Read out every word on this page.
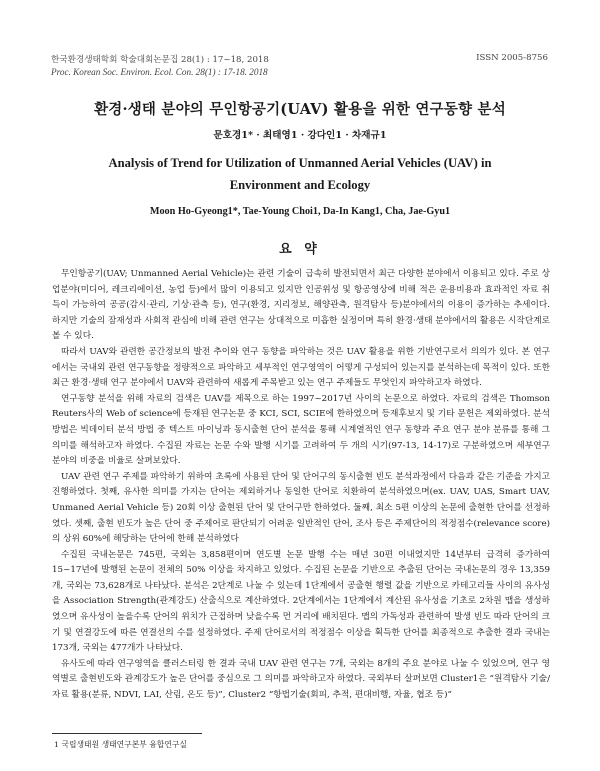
한국환경생태학회 학술대회논문집 28(1) : 17~18, 2018	ISSN 2005-8756
Proc. Korean Soc. Environ. Ecol. Con. 28(1) : 17-18. 2018
환경·생태 분야의 무인항공기(UAV) 활용을 위한 연구동향 분석
문호경1* · 최태영1 · 강다인1 · 차재규1
Analysis of Trend for Utilization of Unmanned Aerial Vehicles (UAV) in Environment and Ecology
Moon Ho-Gyeong1*, Tae-Young Choi1, Da-In Kang1, Cha, Jae-Gyu1
요 약

무인항공기(UAV; Unmanned Aerial Vehicle)는 관련 기술이 급속히 발전되면서 최근 다양한 분야에서 이용되고 있다. 주로 상업분야(미디어, 레크리에이션, 농업 등)에서 많이 이용되고 있지만 인공위성 및 항공영상에 비해 적은 운용비용과 효과적인 자료 취득이 가능하여 공공(감시·관리, 기상·관측 등), 연구(환경, 지리정보, 해양관측, 원격탐사 등)분야에서의 이용이 증가하는 추세이다. 하지만 기술의 잠재성과 사회적 관심에 비해 관련 연구는 상대적으로 미흡한 실정이며 특히 환경·생태 분야에서의 활용은 시작단계로 볼 수 있다.

따라서 UAV와 관련한 공간정보의 발전 추이와 연구 동향을 파악하는 것은 UAV 활용을 위한 기반연구로서 의의가 있다. 본 연구에서는 국내외 관련 연구동향을 정량적으로 파악하고 세부적인 연구영역이 어떻게 구성되어 있는지를 분석하는데 목적이 있다. 또한 최근 환경·생태 연구 분야에서 UAV와 관련하여 새롭게 주목받고 있는 연구 주제들도 무엇인지 파악하고자 하였다.

연구동향 분석을 위해 자료의 검색은 UAV를 제목으로 하는 1997~2017년 사이의 논문으로 하였다. 자료의 검색은 Thomson Reuters사의 Web of science에 등재된 연구논문 중 KCI, SCI, SCIE에 한하였으며 등재후보지 및 기타 문헌은 제외하였다. 분석 방법은 빅데이터 분석 방법 중 텍스트 마이닝과 동시출현 단어 분석을 통해 시계열적인 연구 동향과 주요 연구 분야 분류를 통해 그 의미를 해석하고자 하였다. 수집된 자료는 논문 수와 발행 시기를 고려하여 두 개의 시기(97-13, 14-17)로 구분하였으며 세부연구 분야의 비중을 비율로 살펴보았다.

UAV 관련 연구 주제를 파악하기 위하여 초록에 사용된 단어 및 단어구의 동시출현 빈도 분석과정에서 다음과 같은 기준을 가지고 진행하였다. 첫째, 유사한 의미를 가지는 단어는 제외하거나 동일한 단어로 치환하여 분석하였으며(ex. UAV, UAS, Smart UAV, Unmaned Aerial Vehicle 등) 20회 이상 출현된 단어 및 단어구만 한하였다. 둘째, 최소 5편 이상의 논문에 출현한 단어를 선정하였다. 셋째, 출현 빈도가 높은 단어 중 주제어로 판단되기 어려운 일반적인 단어, 조사 등은 주제단어의 적정점수(relevance score)의 상위 60%에 해당하는 단어에 한해 분석하였다

수집된 국내논문은 745편, 국외는 3,858편이며 연도별 논문 발행 수는 매년 30편 이내였지만 14년부터 급격히 증가하여 15~17년에 발행된 논문이 전체의 50% 이상을 차지하고 있었다. 수집된 논문을 기반으로 추출된 단어는 국내논문의 경우 13,359개, 국외는 73,628개로 나타났다. 분석은 2단계로 나눌 수 있는데 1단계에서 공출현 행렬 값을 기반으로 카테고리들 사이의 유사성을 Association Strength(관계강도) 산출식으로 계산하였다. 2단계에서는 1단계에서 계산된 유사성을 기초로 2차원 맵을 생성하였으며 유사성이 높을수록 단어의 위치가 근접하며 낮을수록 먼 거리에 배치된다. 맵의 가독성과 관련하여 발생 빈도 따라 단어의 크기 및 연결강도에 따른 연결선의 수를 설정하였다. 주제 단어로서의 적정점수 이상을 획득한 단어를 최종적으로 추출한 결과 국내는 173개, 국외는 477개가 나타났다.

유사도에 따라 연구영역을 클러스터링 한 결과 국내 UAV 관련 연구는 7개, 국외는 8개의 주요 분야로 나눌 수 있었으며, 연구 영역별로 출현빈도와 관계강도가 높은 단어를 중심으로 그 의미를 파악하고자 하였다. 국외부터 살펴보면 Cluster1은 “원격탐사 기술/자료 활용(분류, NDVI, LAI, 산림, 온도 등)”, Cluster2 “항법기술(회피, 추적, 편대비행, 자율, 협조 등)”

1 국립생태원 생태연구본부 융합연구실
